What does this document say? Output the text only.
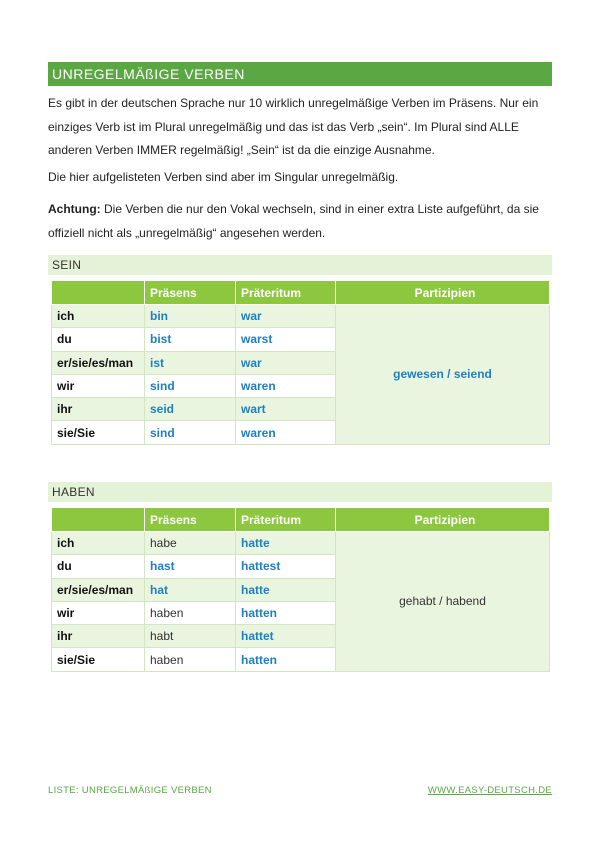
UNREGELMÄßIGE VERBEN
Es gibt in der deutschen Sprache nur 10 wirklich unregelmäßige Verben im Präsens. Nur ein einziges Verb ist im Plural unregelmäßig und das ist das Verb „sein“. Im Plural sind ALLE anderen Verben IMMER regelmäßig! „Sein“ ist da die einzige Ausnahme.
Die hier aufgelisteten Verben sind aber im Singular unregelmäßig.
Achtung: Die Verben die nur den Vokal wechseln, sind in einer extra Liste aufgeführt, da sie offiziell nicht als „unregelmäßig“ angesehen werden.
SEIN
	Präsens	Präteritum	Partizipien
ich	bin	war	gewesen / seiend
du	bist	warst	
er/sie/es/man	ist	war	
wir	sind	waren	
ihr	seid	wart	
sie/Sie	sind	waren	
HABEN
	Präsens	Präteritum	Partizipien
ich	habe	hatte	gehabt / habend
du	hast	hattest	
er/sie/es/man	hat	hatte	
wir	haben	hatten	
ihr	habt	hattet	
sie/Sie	haben	hatten	
LISTE: UNREGELMÄßIGE VERBEN	WWW.EASY-DEUTSCH.DE
